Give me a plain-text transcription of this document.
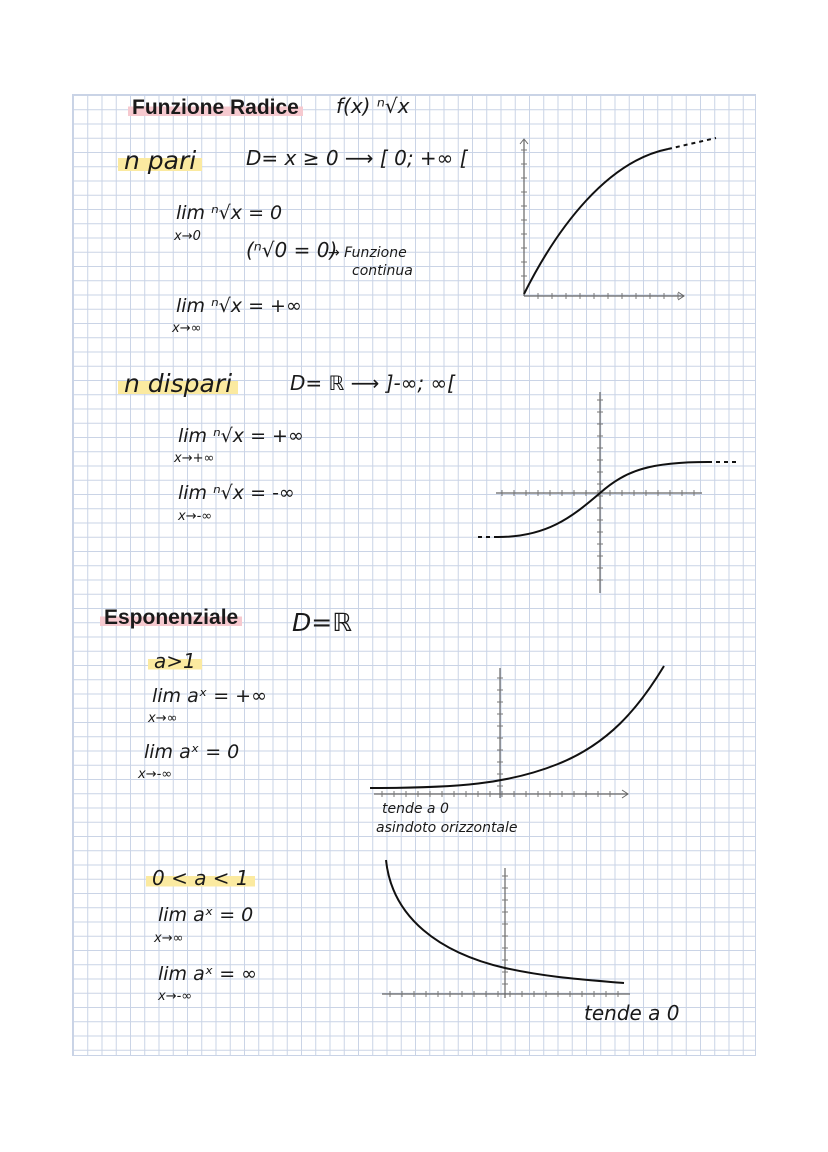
Funzione Radice f(x) ⁿ√x
n pari	D= x ≥ 0 ⟶ [ 0; +∞ [
lim ⁿ√x = 0
x→0
(ⁿ√0 = 0)
→ Funzione
continua
lim ⁿ√x = +∞
x→∞
n dispari	D= ℝ ⟶ ]-∞; ∞[
lim ⁿ√x = +∞
x→+∞
lim ⁿ√x = -∞
x→-∞
Esponenziale D=ℝ
a>1
lim aˣ = +∞
x→∞
lim aˣ = 0
x→-∞
tende a 0
asindoto orizzontale
0 < a < 1
lim aˣ = 0
x→∞
lim aˣ = ∞
x→-∞
tende a 0
